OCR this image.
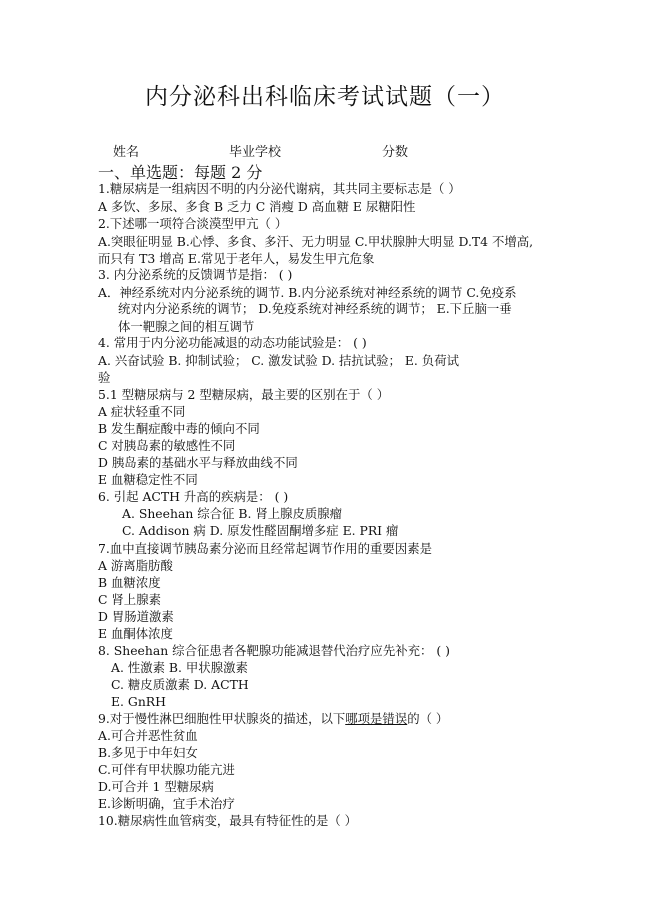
内分泌科出科临床考试试题（一）
姓名	毕业学校	分数
一、单选题：每题 2 分
1.糖尿病是一组病因不明的内分泌代谢病，其共同主要标志是（ ）
A 多饮、多尿、多食 B 乏力 C 消瘦 D 高血糖 E 尿糖阳性
2.下述哪一项符合淡漠型甲亢（ ）
A.突眼征明显 B.心悸、多食、多汗、无力明显 C.甲状腺肿大明显 D.T4 不增高,
而只有 T3 增高 E.常见于老年人，易发生甲亢危象
3. 内分泌系统的反馈调节是指： ( )
A．神经系统对内分泌系统的调节. B.内分泌系统对神经系统的调节 C.免疫系
统对内分泌系统的调节； D.免疫系统对神经系统的调节； E.下丘脑一垂
体一靶腺之间的相互调节
4. 常用于内分泌功能减退的动态功能试验是： ( )
A. 兴奋试验 B. 抑制试验； C. 激发试验 D. 拮抗试验； E. 负荷试
验
5.1 型糖尿病与 2 型糖尿病，最主要的区别在于（ ）
A 症状轻重不同
B 发生酮症酸中毒的倾向不同
C 对胰岛素的敏感性不同
D 胰岛素的基础水平与释放曲线不同
E 血糖稳定性不同
6. 引起 ACTH 升高的疾病是： ( )
A. Sheehan 综合征 B. 肾上腺皮质腺瘤
C. Addison 病 D. 原发性醛固酮增多症 E. PRI 瘤
7.血中直接调节胰岛素分泌而且经常起调节作用的重要因素是
A 游离脂肪酸
B 血糖浓度
C 肾上腺素
D 胃肠道激素
E 血酮体浓度
8. Sheehan 综合征患者各靶腺功能减退替代治疗应先补充： ( )
A. 性激素 B. 甲状腺激素
C. 糖皮质激素 D. ACTH
E. GnRH
9.对于慢性淋巴细胞性甲状腺炎的描述，以下哪项是错误的（ ）
A.可合并恶性贫血
B.多见于中年妇女
C.可伴有甲状腺功能亢进
D.可合并 1 型糖尿病
E.诊断明确，宜手术治疗
10.糖尿病性血管病变，最具有特征性的是（ ）
